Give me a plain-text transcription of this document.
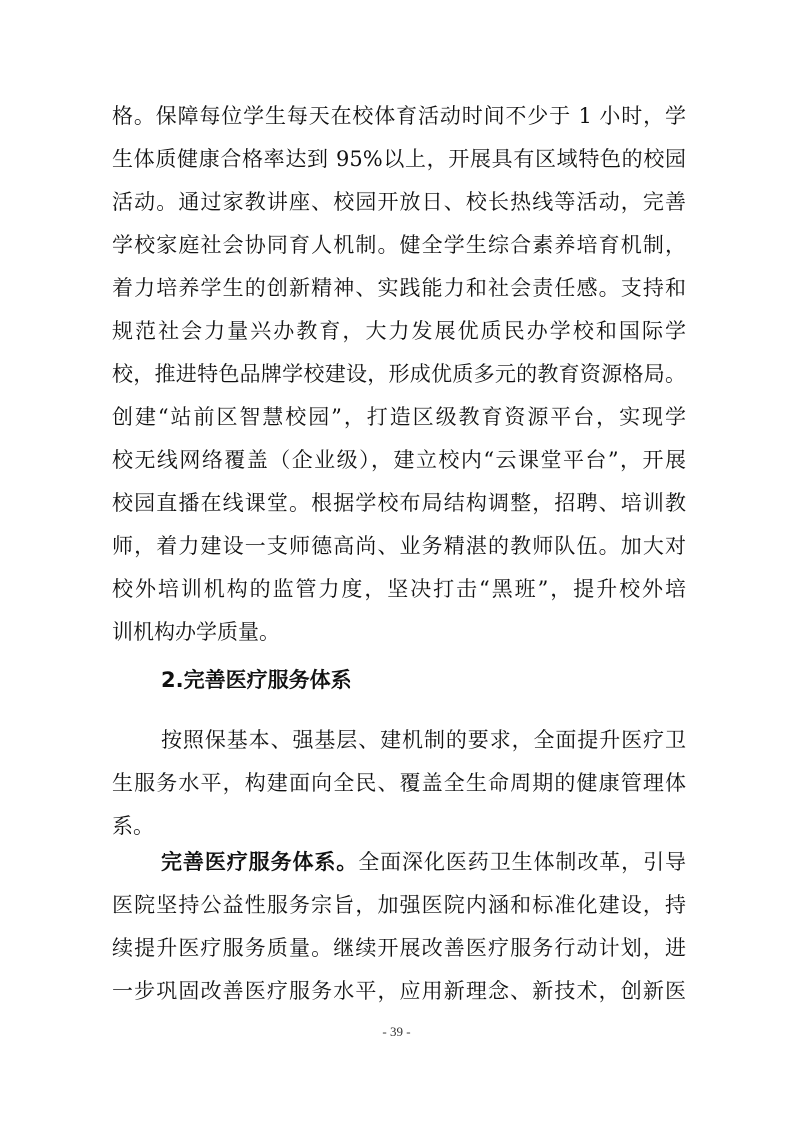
格。保障每位学生每天在校体育活动时间不少于 1 小时，学
生体质健康合格率达到 95%以上，开展具有区域特色的校园
活动。通过家教讲座、校园开放日、校长热线等活动，完善
学校家庭社会协同育人机制。健全学生综合素养培育机制，
着力培养学生的创新精神、实践能力和社会责任感。支持和
规范社会力量兴办教育，大力发展优质民办学校和国际学
校，推进特色品牌学校建设，形成优质多元的教育资源格局。
创建“站前区智慧校园”，打造区级教育资源平台，实现学
校无线网络覆盖（企业级），建立校内“云课堂平台”，开展
校园直播在线课堂。根据学校布局结构调整，招聘、培训教
师，着力建设一支师德高尚、业务精湛的教师队伍。加大对
校外培训机构的监管力度，坚决打击“黑班”，提升校外培
训机构办学质量。
2.完善医疗服务体系
按照保基本、强基层、建机制的要求，全面提升医疗卫
生服务水平，构建面向全民、覆盖全生命周期的健康管理体
系。
完善医疗服务体系。全面深化医药卫生体制改革，引导
医院坚持公益性服务宗旨，加强医院内涵和标准化建设，持
续提升医疗服务质量。继续开展改善医疗服务行动计划，进
一步巩固改善医疗服务水平，应用新理念、新技术，创新医
- 39 -
